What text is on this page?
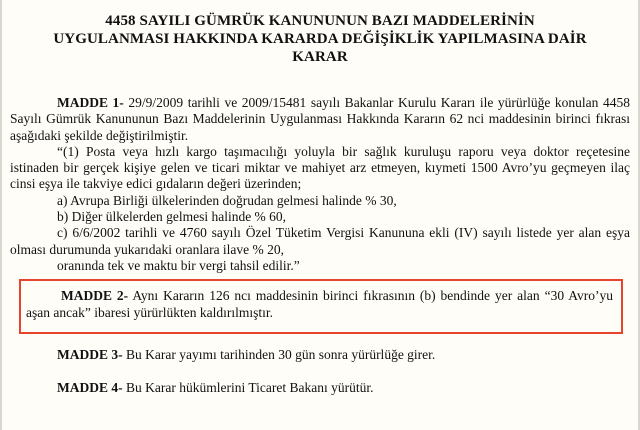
4458 SAYILI GÜMRÜK KANUNUNUN BAZI MADDELERİNİN
UYGULANMASI HAKKINDA KARARDA DEĞİŞİKLİK YAPILMASINA DAİR
KARAR

MADDE 1- 29/9/2009 tarihli ve 2009/15481 sayılı Bakanlar Kurulu Kararı ile yürürlüğe konulan 4458 Sayılı Gümrük Kanununun Bazı Maddelerinin Uygulanması Hakkında Kararın 62 nci maddesinin birinci fıkrası aşağıdaki şekilde değiştirilmiştir.

“(1) Posta veya hızlı kargo taşımacılığı yoluyla bir sağlık kuruluşu raporu veya doktor reçetesine istinaden bir gerçek kişiye gelen ve ticari miktar ve mahiyet arz etmeyen, kıymeti 1500 Avro’yu geçmeyen ilaç cinsi eşya ile takviye edici gıdaların değeri üzerinden;

a) Avrupa Birliği ülkelerinden doğrudan gelmesi halinde % 30,

b) Diğer ülkelerden gelmesi halinde % 60,

c) 6/6/2002 tarihli ve 4760 sayılı Özel Tüketim Vergisi Kanununa ekli (IV) sayılı listede yer alan eşya olması durumunda yukarıdaki oranlara ilave % 20,

oranında tek ve maktu bir vergi tahsil edilir.”

MADDE 2- Aynı Kararın 126 ncı maddesinin birinci fıkrasının (b) bendinde yer alan “30 Avro’yu aşan ancak” ibaresi yürürlükten kaldırılmıştır.

MADDE 3- Bu Karar yayımı tarihinden 30 gün sonra yürürlüğe girer.

MADDE 4- Bu Karar hükümlerini Ticaret Bakanı yürütür.
